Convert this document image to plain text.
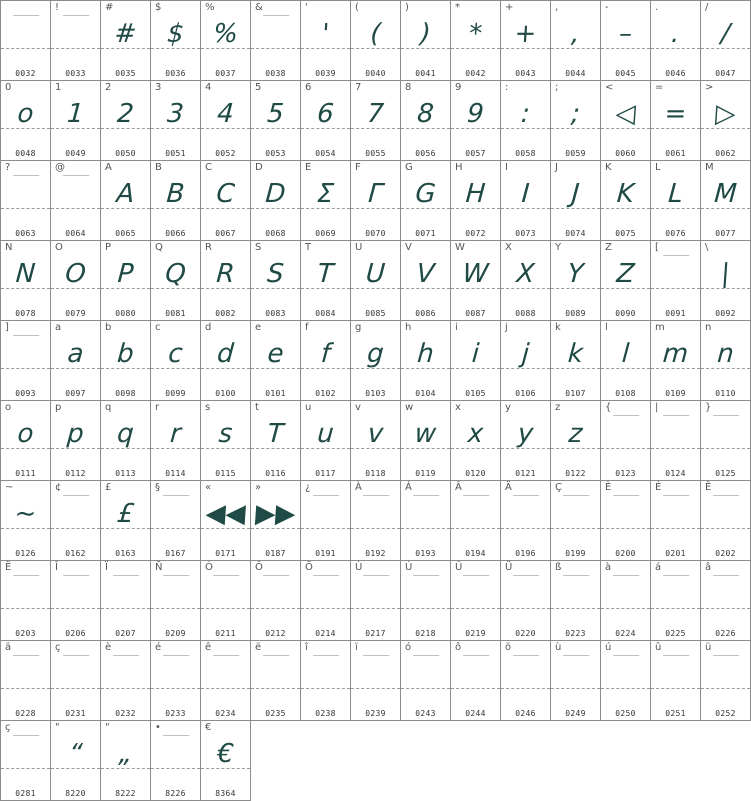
0032
!
0033
#
#
0035
$
$
0036
%
%
0037
&
0038
'
'
0039
(
(
0040
)
)
0041
*
*
0042
+
+
0043
,
,
0044
-
–
0045
.
.
0046
/
/
0047
0
o
0048
1
1
0049
2
2
0050
3
3
0051
4
4
0052
5
5
0053
6
6
0054
7
7
0055
8
8
0056
9
9
0057
:
:
0058
;
;
0059
<
◁
0060
=
=
0061
>
▷
0062
?
0063
@
0064
A
A
0065
B
B
0066
C
C
0067
D
D
0068
E
Σ
0069
F
Γ
0070
G
G
0071
H
H
0072
I
I
0073
J
J
0074
K
K
0075
L
L
0076
M
M
0077
N
N
0078
O
O
0079
P
P
0080
Q
Q
0081
R
R
0082
S
S
0083
T
T
0084
U
U
0085
V
V
0086
W
W
0087
X
X
0088
Y
Y
0089
Z
Z
0090
[
0091
\
|
0092
]
0093
a
a
0097
b
b
0098
c
c
0099
d
d
0100
e
e
0101
f
f
0102
g
g
0103
h
h
0104
i
i
0105
j
j
0106
k
k
0107
l
l
0108
m
m
0109
n
n
0110
o
o
0111
p
p
0112
q
q
0113
r
r
0114
s
s
0115
t
T
0116
u
u
0117
v
v
0118
w
w
0119
x
x
0120
y
y
0121
z
z
0122
{
0123
|
0124
}
0125
~
~
0126
¢
0162
£
£
0163
§
0167
«
◀◀
0171
»
▶▶
0187
¿
0191
À
0192
Á
0193
Â
0194
Ä
0196
Ç
0199
È
0200
É
0201
Ê
0202
Ë
0203
Î
0206
Ï
0207
Ñ
0209
Ó
0211
Ô
0212
Ö
0214
Ù
0217
Ú
0218
Û
0219
Ü
0220
ß
0223
à
0224
á
0225
â
0226
ä
0228
ç
0231
è
0232
é
0233
ê
0234
ë
0235
î
0238
ï
0239
ó
0243
ô
0244
ö
0246
ù
0249
ú
0250
û
0251
ü
0252
ç
0281
"
“
8220
"
„
8222
•
8226
€
€
8364
